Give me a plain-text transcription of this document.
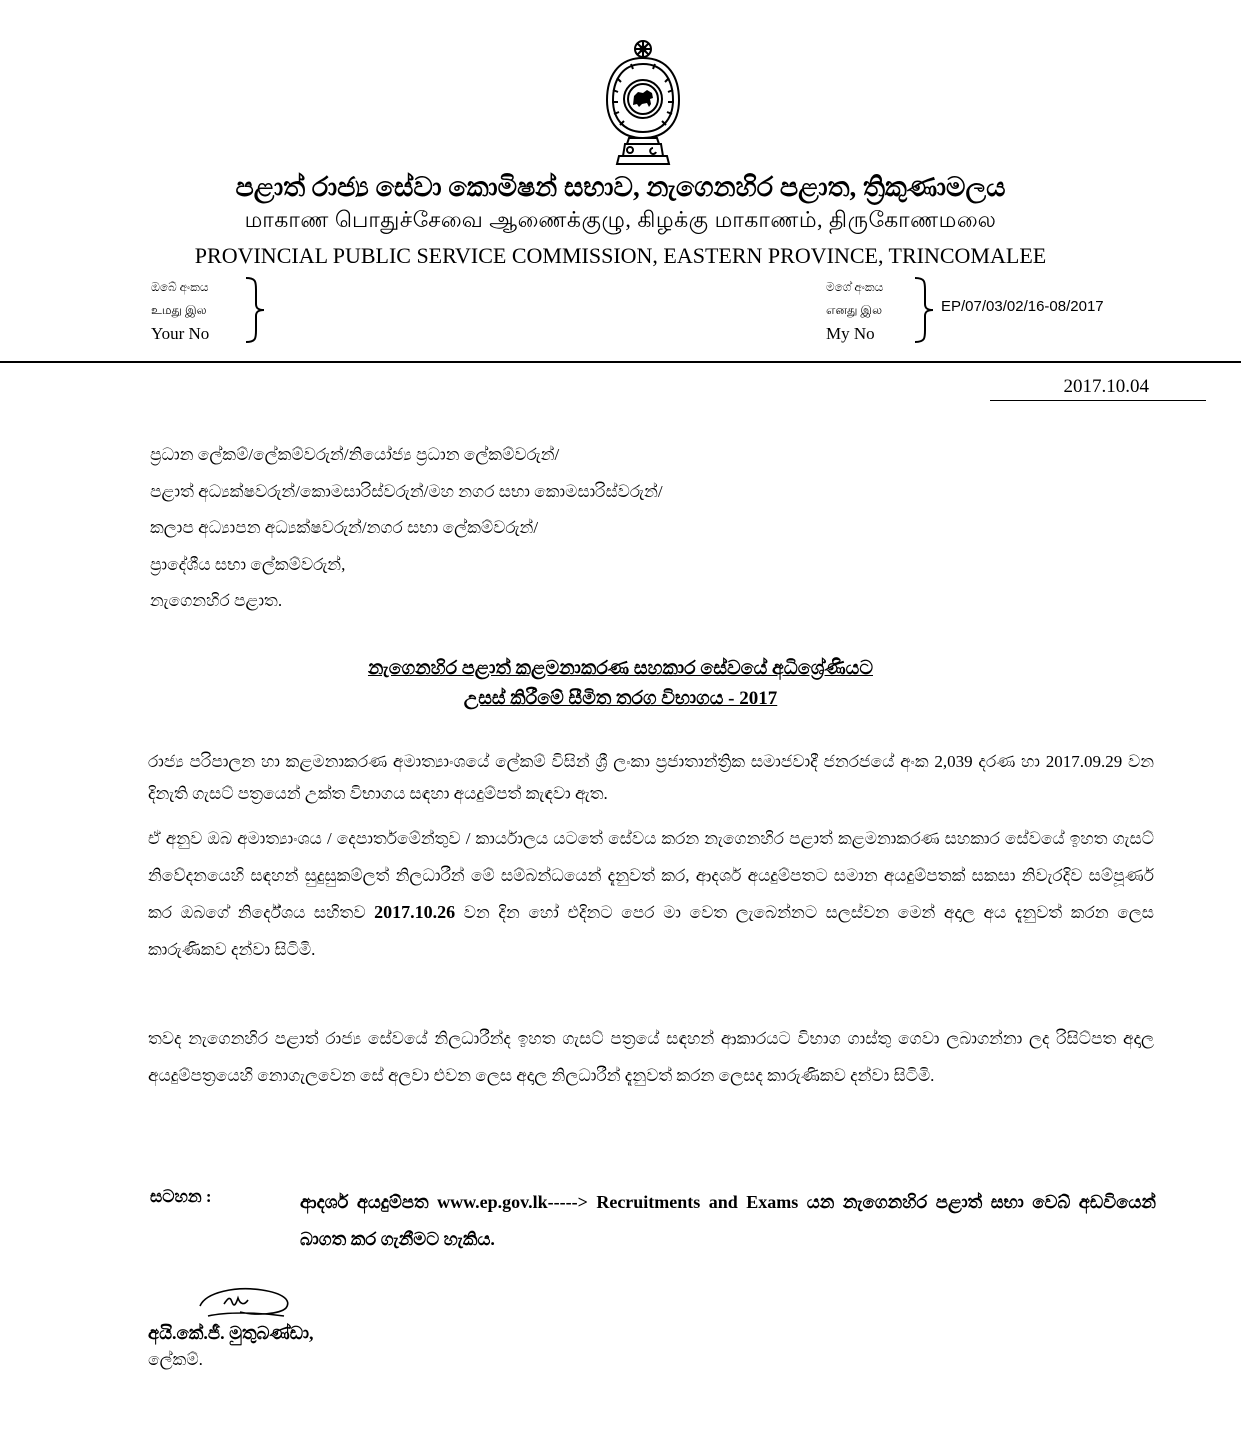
පළාත් රාජ්‍ය සේවා කොමිෂන් සභාව, නැගෙනහිර පළාත, ත්‍රිකුණාමලය
மாகாண பொதுச்சேவை ஆணைக்குழு, கிழக்கு மாகாணம், திருகோணமலை
PROVINCIAL PUBLIC SERVICE COMMISSION, EASTERN PROVINCE, TRINCOMALEE
ඔබේ අංකය
உமது இல
Your No
මගේ අංකය
எனது இல
My No
EP/07/03/02/16-08/2017
2017.10.04
ප්‍රධාන ලේකම්/ලේකම්වරුන්/නියෝජ්‍ය ප්‍රධාන ලේකම්වරුන්/
පළාත් අධ්‍යක්ෂවරුන්/කොමසාරිස්වරුන්/මහ නගර සභා කොමසාරිස්වරුන්/
කලාප අධ්‍යාපන අධ්‍යක්ෂවරුන්/නගර සභා ලේකම්වරුන්/
ප්‍රාදේශීය සභා ලේකම්වරුන්,
නැගෙනහිර පළාත.
නැගෙනහිර පළාත් කළමනාකරණ සහකාර සේවයේ අධිශ්‍රේණියට
උසස් කිරීමේ සීමිත තරග විභාගය - 2017
රාජ්‍ය පරිපාලන හා කළමනාකරණ අමාත්‍යාංශයේ ලේකම් විසින් ශ්‍රී ලංකා ප්‍රජාතාන්ත්‍රික සමාජවාදී ජනරජයේ අංක 2,039 දරණ හා 2017.09.29 වන දිනැති ගැසට් පත්‍රයෙන් උක්ත විභාගය සඳහා අයදුම්පත් කැඳවා ඇත.
ඒ අනුව ඔබ අමාත්‍යාංශය / දෙපාර්තමේන්තුව / කාර්යාලය යටතේ සේවය කරන නැගෙනහිර පළාත් කළමනාකරණ සහකාර සේවයේ ඉහත ගැසට් නිවේදනයෙහි සඳහන් සුදුසුකම්ලත් නිලධාරීන් මේ සම්බන්ධයෙන් දැනුවත් කර, ආදර්ශ අයදුම්පතට සමාන අයදුම්පතක් සකසා නිවැරදිව සම්පූර්ණ කර ඔබගේ නිර්දේශය සහිතව 2017.10.26 වන දින හෝ එදිනට පෙර මා වෙත ලැබෙන්නට සලස්වන මෙන් අදාල අය දැනුවත් කරන ලෙස කාරුණිකව දන්වා සිටිමි.
තවද නැගෙනහිර පළාත් රාජ්‍ය සේවයේ නිලධාරීන්ද ඉහත ගැසට් පත්‍රයේ සඳහන් ආකාරයට විභාග ගාස්තු ගෙවා ලබාගන්නා ලද රිසිට්පත අදාල අයදුම්පත්‍රයෙහි නොගැලවෙන සේ අලවා එවන ලෙස අදාල නිලධාරීන් දැනුවත් කරන ලෙසද කාරුණිකව දන්වා සිටිමි.
සටහන :	ආදර්ශ අයදුම්පත www.ep.gov.lk-----> Recruitments and Exams යන නැගෙනහිර පළාත් සභා වෙබ් අඩවියෙන් බාගත කර ගැනීමට හැකිය.
අයි.කේ.ජී. මුතුබණ්ඩා,
ලේකම්.
